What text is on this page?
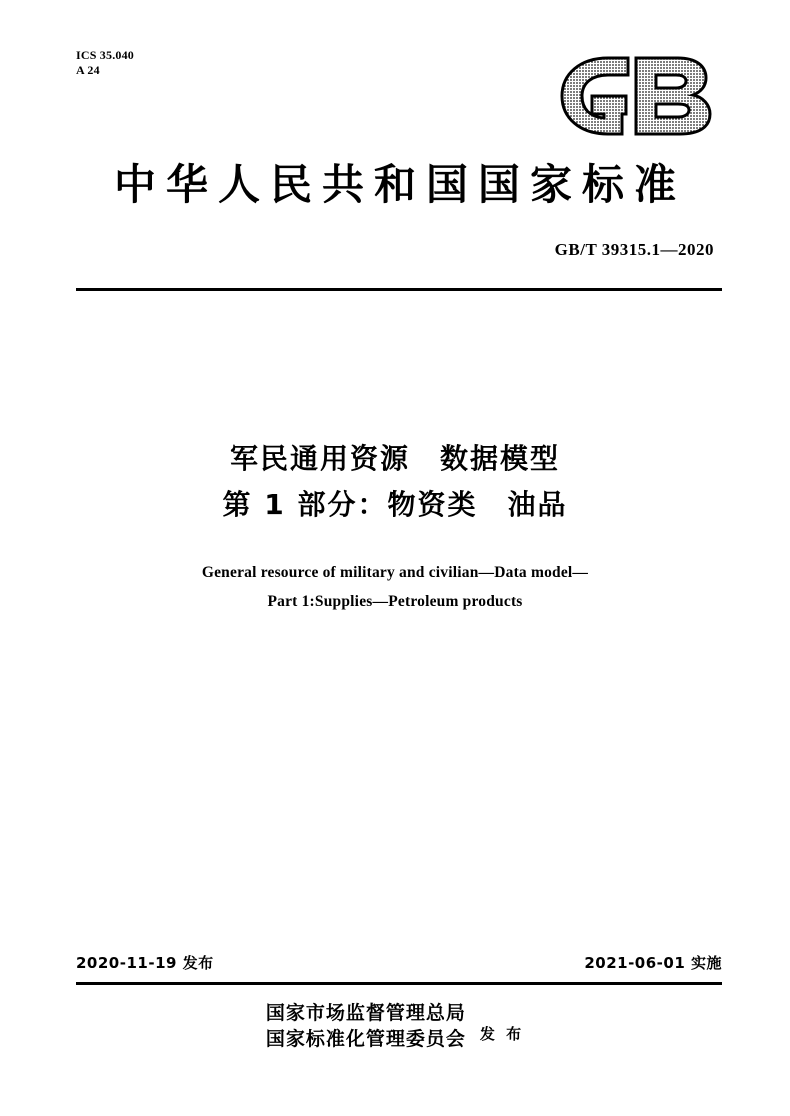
ICS 35.040
A 24
中华人民共和国国家标准
GB/T 39315.1—2020
军民通用资源　数据模型
第 1 部分：物资类　油品
General resource of military and civilian—Data model—
Part 1:Supplies—Petroleum products
2020-11-19 发布	2021-06-01 实施
国家市场监督管理总局
国家标准化管理委员会 发 布
